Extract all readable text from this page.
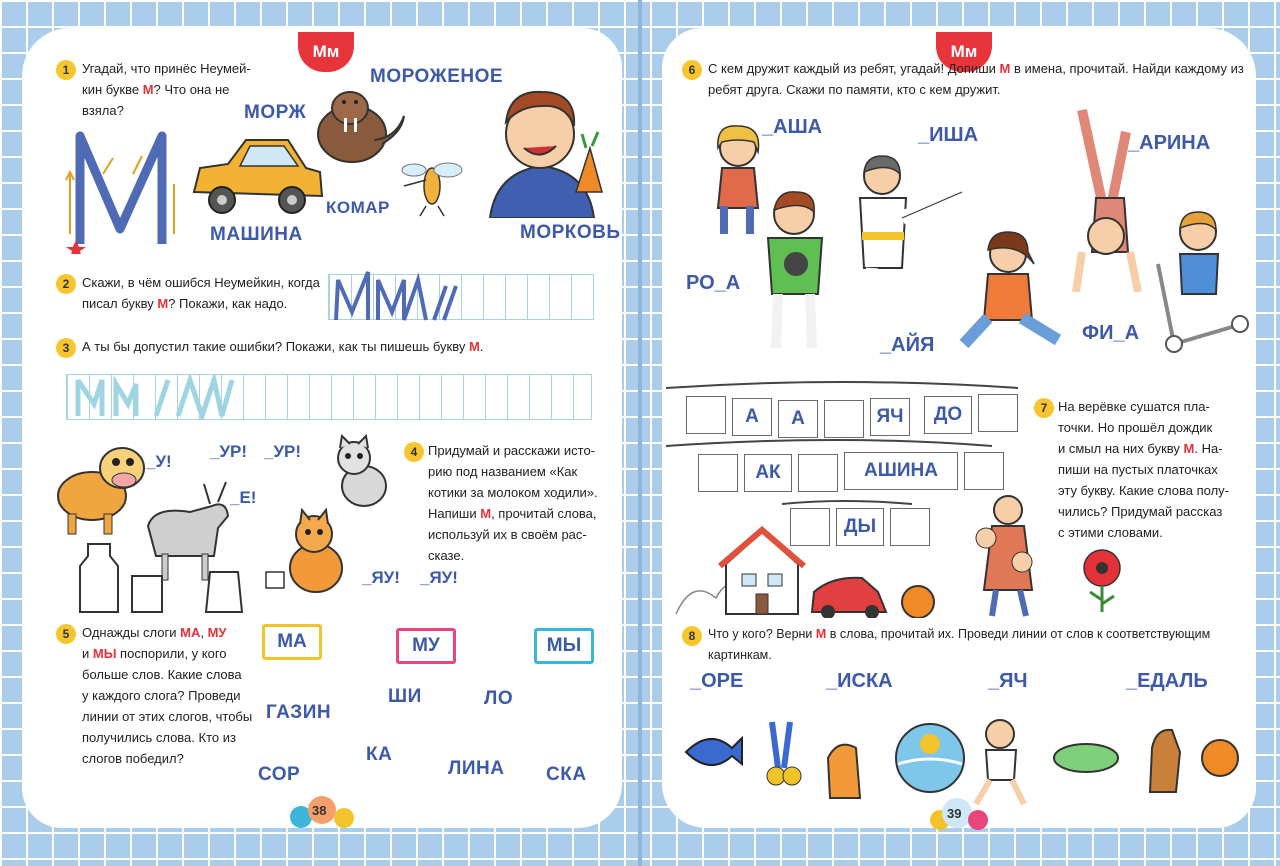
Мм
1 Угадай, что принёс Неумей-
кин букве М? Что она не
взяла?	МОРЖ
МОРОЖЕНОЕ
КОМАР
МАШИНА	МОРКОВЬ
2 Скажи, в чём ошибся Неумейкин, когда
писал букву М? Покажи, как надо.
3 А ты бы допустил такие ошибки? Покажи, как ты пишешь букву М.
4 Придумай и расскажи исто-
рию под названием «Как
котики за молоком ходили».
Напиши М, прочитай слова,
используй их в своём рас-
сказе.
_У!
_УР! _УР!
_Е!
_ЯУ! _ЯУ!
5 Однажды слоги МА, МУ
и МЫ поспорили, у кого
больше слов. Какие слова
у каждого слога? Проведи
линии от этих слогов, чтобы
получились слова. Кто из
слогов победил?
МА	МУ	МЫ
ШИ	ЛО
ГАЗИН
КА
СОР	ЛИНА СКА
38
Мм
6 С кем дружит каждый из ребят, угадай! Допиши М в имена, прочитай. Найди каждому из
ребят друга. Скажи по памяти, кто с кем дружит.
_АША	_ИША	_АРИНА
РО_А
_АЙЯ
ФИ_А
А	А	ЯЧ	ДО
АК	АШИНА
ДЫ
7 На верёвке сушатся пла-
точки. Но прошёл дождик
и смыл на них букву М. На-
пиши на пустых платочках
эту букву. Какие слова полу-
чились? Придумай рассказ
с этими словами.
8	Что у кого? Верни М в слова, прочитай их. Проведи линии от слов к соответствующим
картинкам.
_ОРЕ	_ИСКА	_ЯЧ	_ЕДАЛЬ
39
